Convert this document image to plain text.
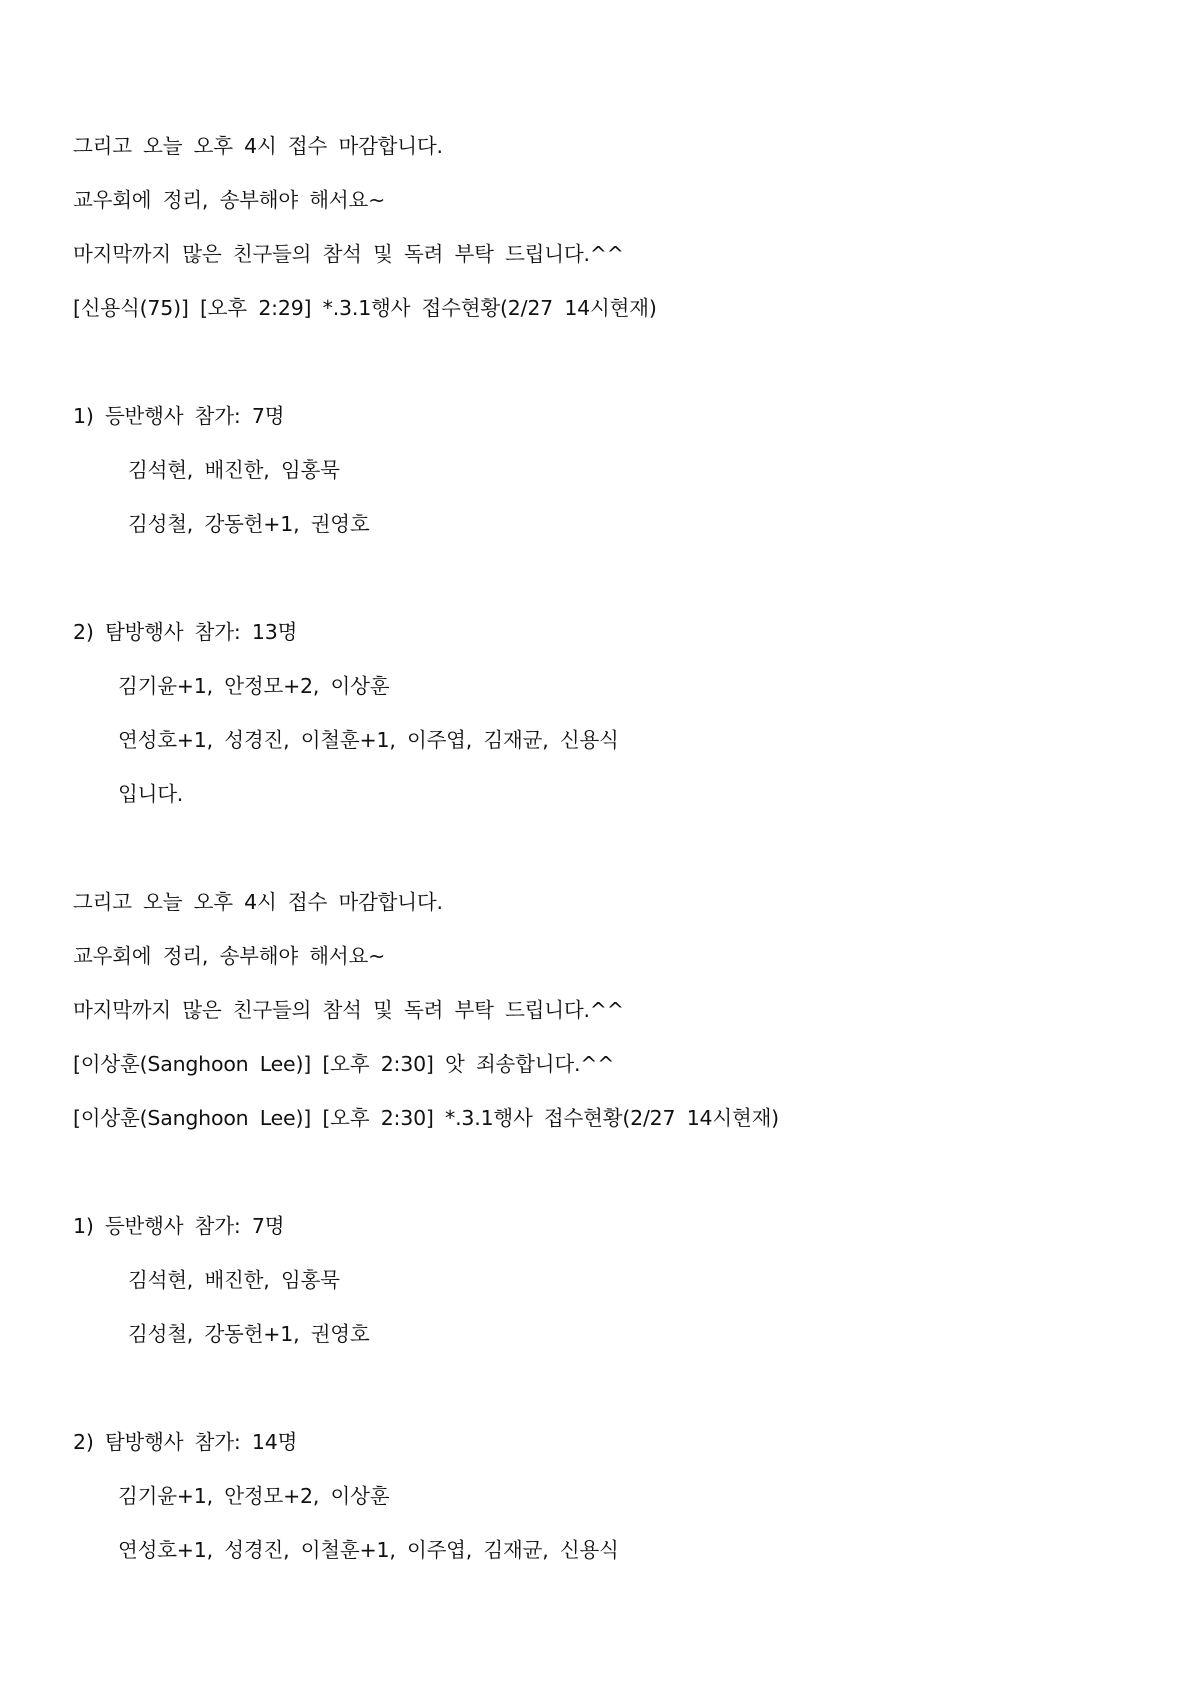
그리고 오늘 오후 4시 접수 마감합니다.

교우회에 정리, 송부해야 해서요~

마지막까지 많은 친구들의 참석 및 독려 부탁 드립니다.^^

[신용식(75)] [오후 2:29] *.3.1행사 접수현황(2/27 14시현재)

1) 등반행사 참가: 7명

김석현, 배진한, 임홍묵

김성철, 강동헌+1, 권영호

2) 탐방행사 참가: 13명

김기윤+1, 안정모+2, 이상훈

연성호+1, 성경진, 이철훈+1, 이주엽, 김재균, 신용식

입니다.

그리고 오늘 오후 4시 접수 마감합니다.

교우회에 정리, 송부해야 해서요~

마지막까지 많은 친구들의 참석 및 독려 부탁 드립니다.^^

[이상훈(Sanghoon Lee)] [오후 2:30] 앗 죄송합니다.^^

[이상훈(Sanghoon Lee)] [오후 2:30] *.3.1행사 접수현황(2/27 14시현재)

1) 등반행사 참가: 7명

김석현, 배진한, 임홍묵

김성철, 강동헌+1, 권영호

2) 탐방행사 참가: 14명

김기윤+1, 안정모+2, 이상훈

연성호+1, 성경진, 이철훈+1, 이주엽, 김재균, 신용식
